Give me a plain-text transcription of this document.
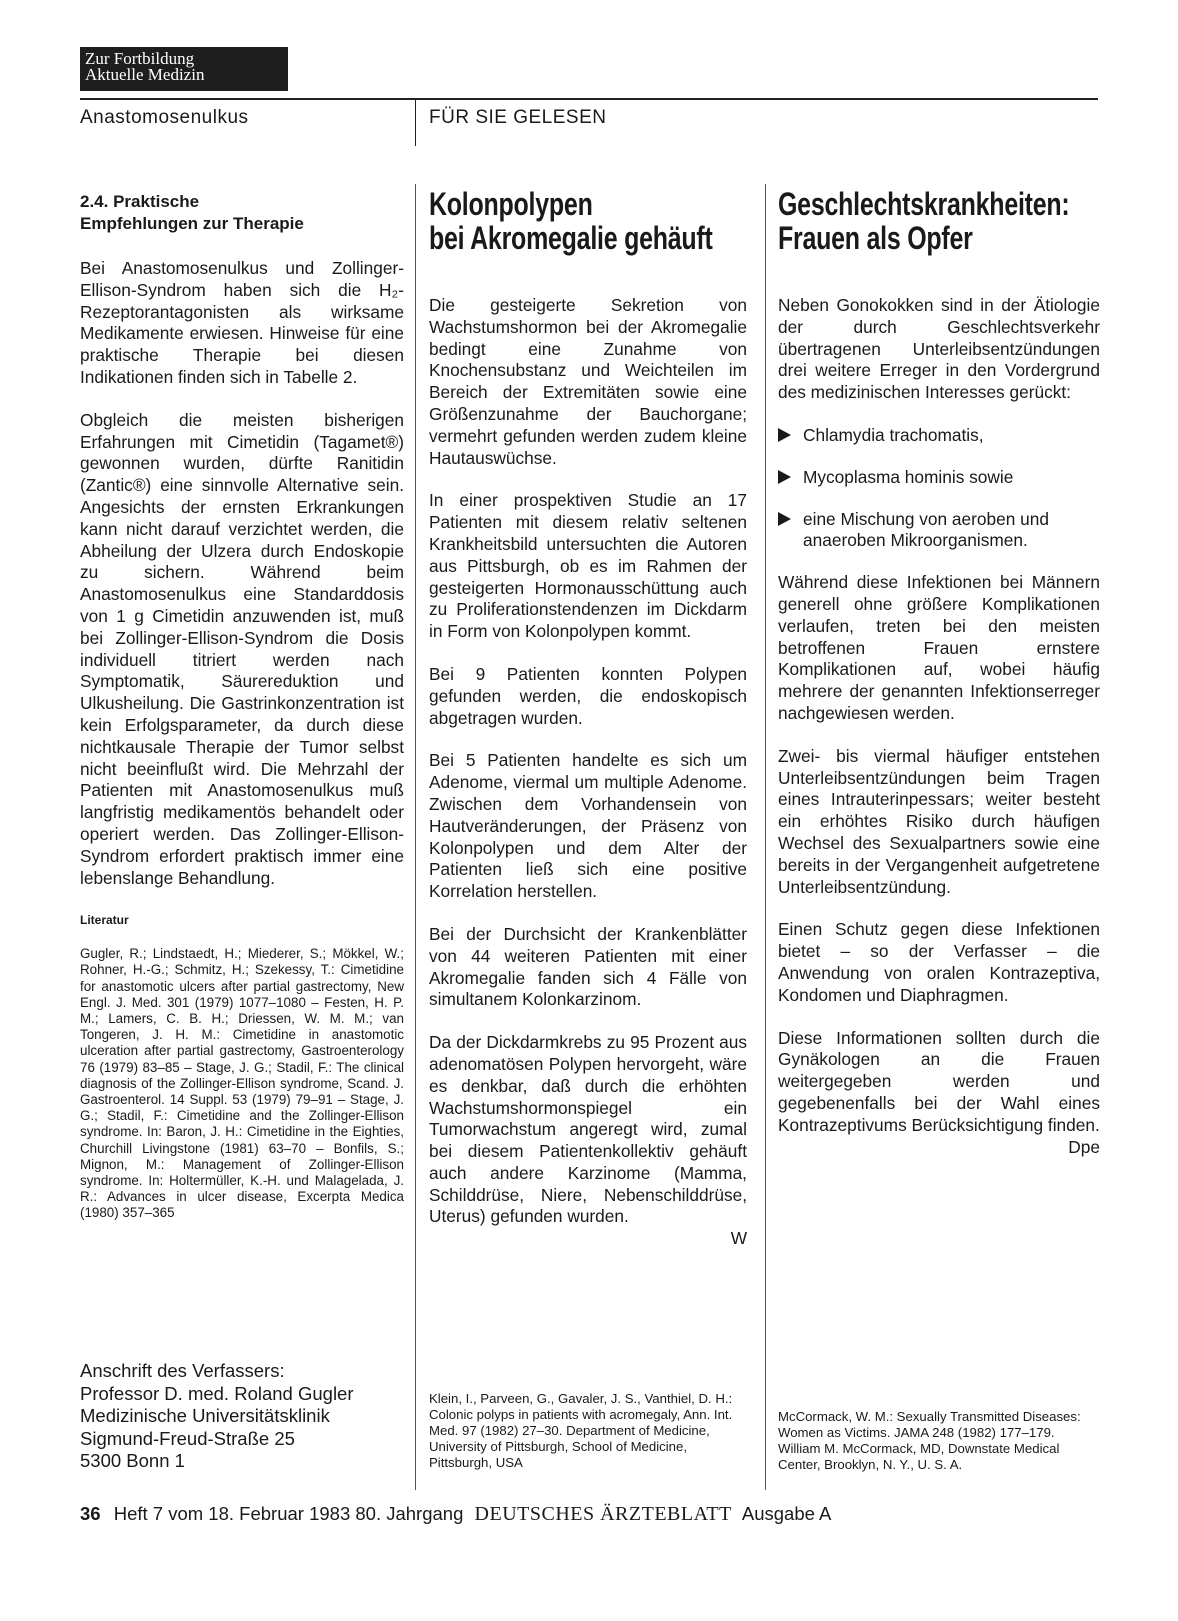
Zur Fortbildung
Aktuelle Medizin
Anastomosenulkus	FÜR SIE GELESEN
2.4. Praktische
Empfehlungen zur Therapie

Bei Anastomosenulkus und Zollinger-Ellison-Syndrom haben sich die H₂-Rezeptorantagonisten als wirksame Medikamente erwiesen. Hinweise für eine praktische Therapie bei diesen Indikationen finden sich in Tabelle 2.

Obgleich die meisten bisherigen Erfahrungen mit Cimetidin (Tagamet®) gewonnen wurden, dürfte Ranitidin (Zantic®) eine sinnvolle Alternative sein. Angesichts der ernsten Erkrankungen kann nicht darauf verzichtet werden, die Abheilung der Ulzera durch Endoskopie zu sichern. Während beim Anastomosenulkus eine Standarddosis von 1 g Cimetidin anzuwenden ist, muß bei Zollinger-Ellison-Syndrom die Dosis individuell titriert werden nach Symptomatik, Säurereduktion und Ulkusheilung. Die Gastrinkonzentration ist kein Erfolgsparameter, da durch diese nichtkausale Therapie der Tumor selbst nicht beeinflußt wird. Die Mehrzahl der Patienten mit Anastomosenulkus muß langfristig medikamentös behandelt oder operiert werden. Das Zollinger-Ellison-Syndrom erfordert praktisch immer eine lebenslange Behandlung.

Literatur
Gugler, R.; Lindstaedt, H.; Miederer, S.; Mökkel, W.; Rohner, H.-G.; Schmitz, H.; Szekessy, T.: Cimetidine for anastomotic ulcers after partial gastrectomy, New Engl. J. Med. 301 (1979) 1077–1080 – Festen, H. P. M.; Lamers, C. B. H.; Driessen, W. M. M.; van Tongeren, J. H. M.: Cimetidine in anastomotic ulceration after partial gastrectomy, Gastroenterology 76 (1979) 83–85 – Stage, J. G.; Stadil, F.: The clinical diagnosis of the Zollinger-Ellison syndrome, Scand. J. Gastroenterol. 14 Suppl. 53 (1979) 79–91 – Stage, J. G.; Stadil, F.: Cimetidine and the Zollinger-Ellison syndrome. In: Baron, J. H.: Cimetidine in the Eighties, Churchill Livingstone (1981) 63–70 – Bonfils, S.; Mignon, M.: Management of Zollinger-Ellison syndrome. In: Holtermüller, K.-H. und Malagelada, J. R.: Advances in ulcer disease, Excerpta Medica (1980) 357–365
Anschrift des Verfassers:
Professor D. med. Roland Gugler
Medizinische Universitätsklinik
Sigmund-Freud-Straße 25
5300 Bonn 1
Kolonpolypen
bei Akromegalie gehäuft

Die gesteigerte Sekretion von Wachstumshormon bei der Akromegalie bedingt eine Zunahme von Knochensubstanz und Weichteilen im Bereich der Extremitäten sowie eine Größenzunahme der Bauchorgane; vermehrt gefunden werden zudem kleine Hautauswüchse.

In einer prospektiven Studie an 17 Patienten mit diesem relativ seltenen Krankheitsbild untersuchten die Autoren aus Pittsburgh, ob es im Rahmen der gesteigerten Hormonausschüttung auch zu Proliferationstendenzen im Dickdarm in Form von Kolonpolypen kommt.

Bei 9 Patienten konnten Polypen gefunden werden, die endoskopisch abgetragen wurden.

Bei 5 Patienten handelte es sich um Adenome, viermal um multiple Adenome. Zwischen dem Vorhandensein von Hautveränderungen, der Präsenz von Kolonpolypen und dem Alter der Patienten ließ sich eine positive Korrelation herstellen.

Bei der Durchsicht der Krankenblätter von 44 weiteren Patienten mit einer Akromegalie fanden sich 4 Fälle von simultanem Kolonkarzinom.

Da der Dickdarmkrebs zu 95 Prozent aus adenomatösen Polypen hervorgeht, wäre es denkbar, daß durch die erhöhten Wachstumshormonspiegel ein Tumorwachstum angeregt wird, zumal bei diesem Patientenkollektiv gehäuft auch andere Karzinome (Mamma, Schilddrüse, Niere, Nebenschilddrüse, Uterus) gefunden wurden.

W
Klein, I., Parveen, G., Gavaler, J. S., Vanthiel, D. H.: Colonic polyps in patients with acromegaly, Ann. Int. Med. 97 (1982) 27–30. Department of Medicine, University of Pittsburgh, School of Medicine, Pittsburgh, USA
Geschlechtskrankheiten:
Frauen als Opfer

Neben Gonokokken sind in der Ätiologie der durch Geschlechtsverkehr übertragenen Unterleibsentzündungen drei weitere Erreger in den Vordergrund des medizinischen Interesses gerückt:

Chlamydia trachomatis,
Mycoplasma hominis sowie
eine Mischung von aeroben und anaeroben Mikroorganismen.

Während diese Infektionen bei Männern generell ohne größere Komplikationen verlaufen, treten bei den meisten betroffenen Frauen ernstere Komplikationen auf, wobei häufig mehrere der genannten Infektionserreger nachgewiesen werden.

Zwei- bis viermal häufiger entstehen Unterleibsentzündungen beim Tragen eines Intrauterinpessars; weiter besteht ein erhöhtes Risiko durch häufigen Wechsel des Sexualpartners sowie eine bereits in der Vergangenheit aufgetretene Unterleibsentzündung.

Einen Schutz gegen diese Infektionen bietet – so der Verfasser – die Anwendung von oralen Kontrazeptiva, Kondomen und Diaphragmen.

Diese Informationen sollten durch die Gynäkologen an die Frauen weitergegeben werden und gegebenenfalls bei der Wahl eines Kontrazeptivums Berücksichtigung finden.

Dpe
McCormack, W. M.: Sexually Transmitted Diseases: Women as Victims. JAMA 248 (1982) 177–179. William M. McCormack, MD, Downstate Medical Center, Brooklyn, N. Y., U. S. A.
36 Heft 7 vom 18. Februar 1983 80. Jahrgang DEUTSCHES ÄRZTEBLATT Ausgabe A
